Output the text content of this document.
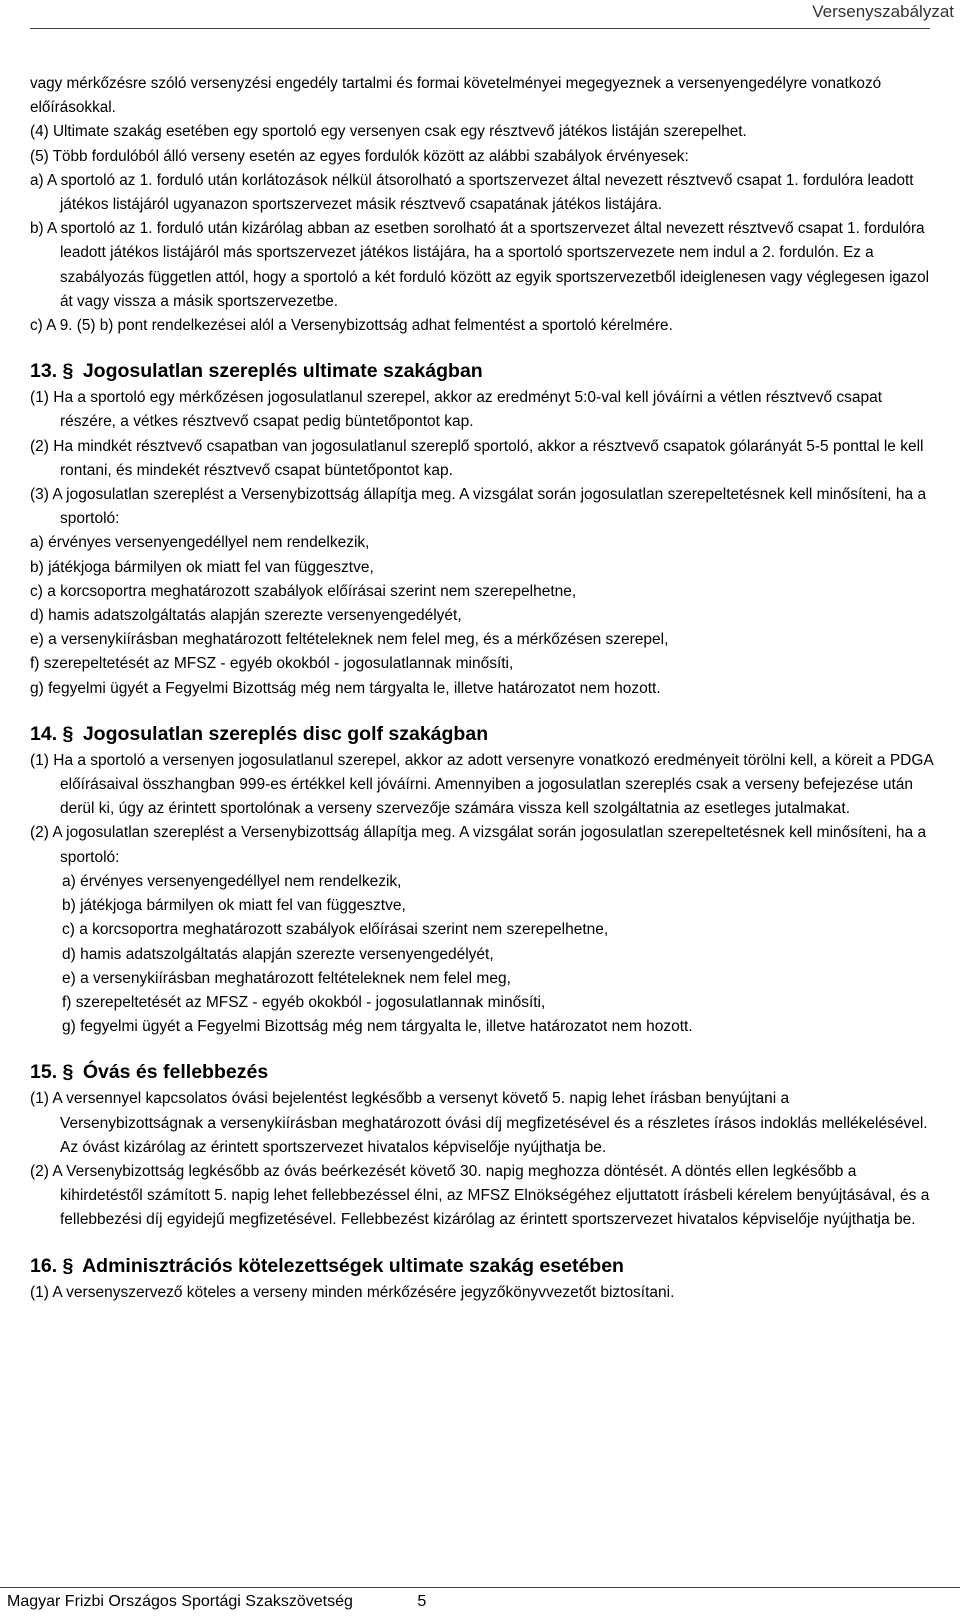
Versenyszabályzat

vagy mérkőzésre szóló versenyzési engedély tartalmi és formai követelményei megegyeznek a versenyengedélyre vonatkozó előírásokkal.

(4) Ultimate szakág esetében egy sportoló egy versenyen csak egy résztvevő játékos listáján szerepelhet.

(5) Több fordulóból álló verseny esetén az egyes fordulók között az alábbi szabályok érvényesek:

a) A sportoló az 1. forduló után korlátozások nélkül átsorolható a sportszervezet által nevezett résztvevő csapat 1. fordulóra leadott játékos listájáról ugyanazon sportszervezet másik résztvevő csapatának játékos listájára.

b) A sportoló az 1. forduló után kizárólag abban az esetben sorolható át a sportszervezet által nevezett résztvevő csapat 1. fordulóra leadott játékos listájáról más sportszervezet játékos listájára, ha a sportoló sportszervezete nem indul a 2. fordulón. Ez a szabályozás független attól, hogy a sportoló a két forduló között az egyik sportszervezetből ideiglenesen vagy véglegesen igazol át vagy vissza a másik sportszervezetbe.

c) A 9. (5) b) pont rendelkezései alól a Versenybizottság adhat felmentést a sportoló kérelmére.

13. § Jogosulatlan szereplés ultimate szakágban

(1) Ha a sportoló egy mérkőzésen jogosulatlanul szerepel, akkor az eredményt 5:0-val kell jóváírni a vétlen résztvevő csapat részére, a vétkes résztvevő csapat pedig büntetőpontot kap.

(2) Ha mindkét résztvevő csapatban van jogosulatlanul szereplő sportoló, akkor a résztvevő csapatok gólarányát 5-5 ponttal le kell rontani, és mindekét résztvevő csapat büntetőpontot kap.

(3) A jogosulatlan szereplést a Versenybizottság állapítja meg. A vizsgálat során jogosulatlan szerepeltetésnek kell minősíteni, ha a sportoló:

a) érvényes versenyengedéllyel nem rendelkezik,

b) játékjoga bármilyen ok miatt fel van függesztve,

c) a korcsoportra meghatározott szabályok előírásai szerint nem szerepelhetne,

d) hamis adatszolgáltatás alapján szerezte versenyengedélyét,

e) a versenykiírásban meghatározott feltételeknek nem felel meg, és a mérkőzésen szerepel,

f) szerepeltetését az MFSZ - egyéb okokból - jogosulatlannak minősíti,

g) fegyelmi ügyét a Fegyelmi Bizottság még nem tárgyalta le, illetve határozatot nem hozott.

14. § Jogosulatlan szereplés disc golf szakágban

(1) Ha a sportoló a versenyen jogosulatlanul szerepel, akkor az adott versenyre vonatkozó eredményeit törölni kell, a köreit a PDGA előírásaival összhangban 999-es értékkel kell jóváírni. Amennyiben a jogosulatlan szereplés csak a verseny befejezése után derül ki, úgy az érintett sportolónak a verseny szervezője számára vissza kell szolgáltatnia az esetleges jutalmakat.

(2) A jogosulatlan szereplést a Versenybizottság állapítja meg. A vizsgálat során jogosulatlan szerepeltetésnek kell minősíteni, ha a sportoló:

a) érvényes versenyengedéllyel nem rendelkezik,

b) játékjoga bármilyen ok miatt fel van függesztve,

c) a korcsoportra meghatározott szabályok előírásai szerint nem szerepelhetne,

d) hamis adatszolgáltatás alapján szerezte versenyengedélyét,

e) a versenykiírásban meghatározott feltételeknek nem felel meg,

f) szerepeltetését az MFSZ - egyéb okokból - jogosulatlannak minősíti,

g) fegyelmi ügyét a Fegyelmi Bizottság még nem tárgyalta le, illetve határozatot nem hozott.

15. § Óvás és fellebbezés

(1) A versennyel kapcsolatos óvási bejelentést legkésőbb a versenyt követő 5. napig lehet írásban benyújtani a Versenybizottságnak a versenykiírásban meghatározott óvási díj megfizetésével és a részletes írásos indoklás mellékelésével. Az óvást kizárólag az érintett sportszervezet hivatalos képviselője nyújthatja be.

(2) A Versenybizottság legkésőbb az óvás beérkezését követő 30. napig meghozza döntését. A döntés ellen legkésőbb a kihirdetéstől számított 5. napig lehet fellebbezéssel élni, az MFSZ Elnökségéhez eljuttatott írásbeli kérelem benyújtásával, és a fellebbezési díj egyidejű megfizetésével. Fellebbezést kizárólag az érintett sportszervezet hivatalos képviselője nyújthatja be.

16. § Adminisztrációs kötelezettségek ultimate szakág esetében

(1) A versenyszervező köteles a verseny minden mérkőzésére jegyzőkönyvvezetőt biztosítani.

Magyar Frizbi Országos Sportági Szakszövetség	5
